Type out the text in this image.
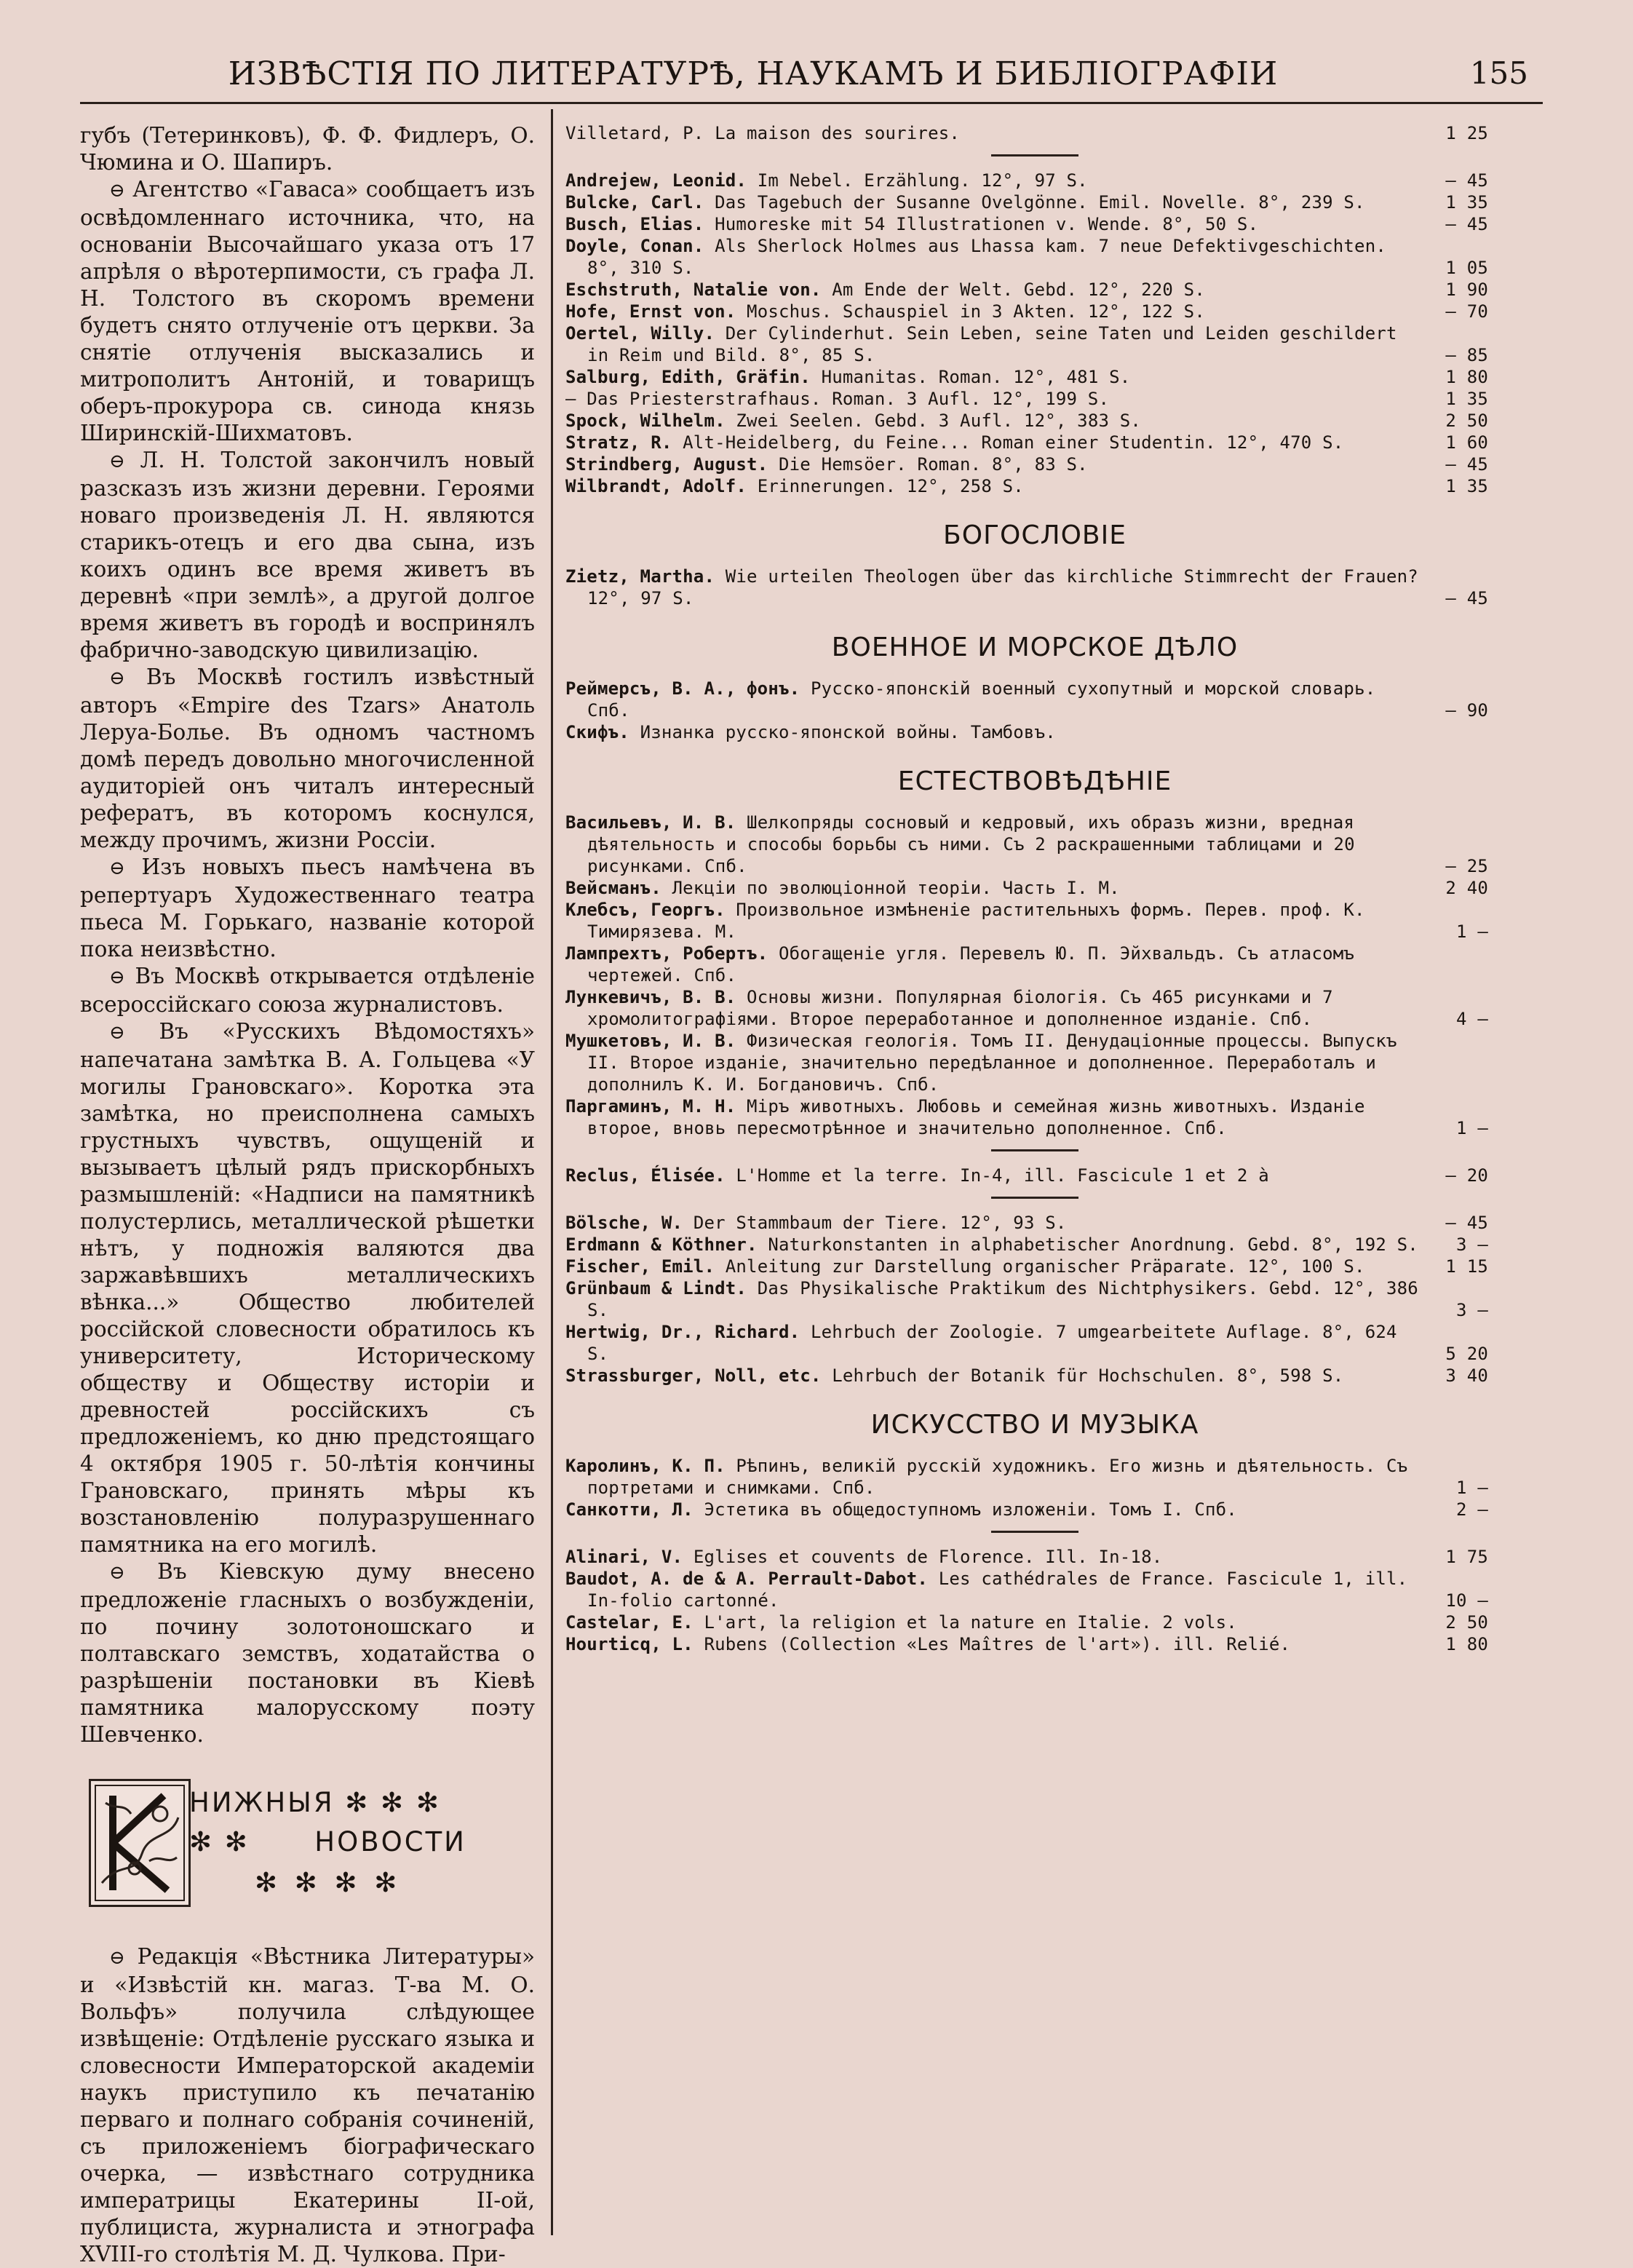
ИЗВѢСТІЯ ПО ЛИТЕРАТУРѢ, НАУКАМЪ И БИБЛІОГРАФІИ	155

губъ (Тетеринковъ), Ф. Ф. Фидлеръ, О. Чюмина и О. Шапиръ.

⊖ Агентство «Гаваса» сообщаетъ изъ освѣдомленнаго источника, что, на основаніи Высочайшаго указа отъ 17 апрѣля о вѣротерпимости, съ графа Л. Н. Толстого въ скоромъ времени будетъ снято отлученіе отъ церкви. За снятіе отлученія высказались и митрополитъ Антоній, и товарищъ оберъ-прокурора св. синода князь Ширинскій-Шихматовъ.

⊖ Л. Н. Толстой закончилъ новый разсказъ изъ жизни деревни. Героями новаго произведенія Л. Н. являются старикъ-отецъ и его два сына, изъ коихъ одинъ все время живетъ въ деревнѣ «при землѣ», а другой долгое время живетъ въ городѣ и воспринялъ фабрично-заводскую цивилизацію.

⊖ Въ Москвѣ гостилъ извѣстный авторъ «Empire des Tzars» Анатоль Леруа-Болье. Въ одномъ частномъ домѣ передъ довольно многочисленной аудиторіей онъ читалъ интересный рефератъ, въ которомъ коснулся, между прочимъ, жизни Россіи.

⊖ Изъ новыхъ пьесъ намѣчена въ репертуаръ Художественнаго театра пьеса М. Горькаго, названіе которой пока неизвѣстно.

⊖ Въ Москвѣ открывается отдѣленіе всероссійскаго союза журналистовъ.

⊖ Въ «Русскихъ Вѣдомостяхъ» напечатана замѣтка В. А. Гольцева «У могилы Грановскаго». Коротка эта замѣтка, но преисполнена самыхъ грустныхъ чувствъ, ощущеній и вызываетъ цѣлый рядъ прискорбныхъ размышленій: «Надписи на памятникѣ полустерлись, металлической рѣшетки нѣтъ, у подножія валяются два заржавѣвшихъ металлическихъ вѣнка...» Общество любителей россійской словесности обратилось къ университету, Историческому обществу и Обществу исторіи и древностей россійскихъ съ предложеніемъ, ко дню предстоящаго 4 октября 1905 г. 50-лѣтія кончины Грановскаго, принять мѣры къ возстановленію полуразрушеннаго памятника на его могилѣ.

⊖ Въ Кіевскую думу внесено предложеніе гласныхъ о возбужденіи, по почину золотоношскаго и полтавскаго земствъ, ходатайства о разрѣшеніи постановки въ Кіевѣ памятника малорусскому поэту Шевченко.

НИЖНЫЯ ✻ ✻ ✻
✻ ✻ НОВОСТИ
✻ ✻ ✻ ✻

⊖ Редакція «Вѣстника Литературы» и «Извѣстій кн. магаз. Т-ва М. О. Вольфъ» получила слѣдующее извѣщеніе: Отдѣленіе русскаго языка и словесности Императорской академіи наукъ приступило къ печатанію перваго и полнаго собранія сочиненій, съ приложеніемъ біографическаго очерка, — извѣстнаго сотрудника императрицы Екатерины II-ой, публициста, журналиста и этнографа XVIII-го столѣтія М. Д. Чулкова. При-

Villetard, P. La maison des sourires.	1 25
Andrejew, Leonid. Im Nebel. Erzählung. 12°, 97 S.	— 45
Bulcke, Carl. Das Tagebuch der Susanne Ovelgönne. Emil. Novelle. 8°, 239 S.	1 35
Busch, Elias. Humoreske mit 54 Illustrationen v. Wende. 8°, 50 S.	— 45
Doyle, Conan. Als Sherlock Holmes aus Lhassa kam. 7 neue Defektivgeschichten. 8°, 310 S.	1 05
Eschstruth, Natalie von. Am Ende der Welt. Gebd. 12°, 220 S.	1 90
Hofe, Ernst von. Moschus. Schauspiel in 3 Akten. 12°, 122 S.	— 70
Oertel, Willy. Der Cylinderhut. Sein Leben, seine Taten und Leiden geschildert in Reim und Bild. 8°, 85 S.	— 85
Salburg, Edith, Gräfin. Humanitas. Roman. 12°, 481 S.	1 80
— Das Priesterstrafhaus. Roman. 3 Aufl. 12°, 199 S.	1 35
Spock, Wilhelm. Zwei Seelen. Gebd. 3 Aufl. 12°, 383 S.	2 50
Stratz, R. Alt-Heidelberg, du Feine... Roman einer Studentin. 12°, 470 S.	1 60
Strindberg, August. Die Hemsöer. Roman. 8°, 83 S.	— 45
Wilbrandt, Adolf. Erinnerungen. 12°, 258 S.	1 35
БОГОСЛОВІЕ
Zietz, Martha. Wie urteilen Theologen über das kirchliche Stimmrecht der Frauen? 12°, 97 S.	— 45
ВОЕННОЕ И МОРСКОЕ ДѢЛО
Реймерсъ, В. А., фонъ. Русско-японскій военный сухопутный и морской словарь. Спб.	— 90
Скифъ. Изнанка русско-японской войны. Тамбовъ.
ЕСТЕСТВОВѢДѢНІЕ
Васильевъ, И. В. Шелкопряды сосновый и кедровый, ихъ образъ жизни, вредная дѣятельность и способы борьбы съ ними. Съ 2 раскрашенными таблицами и 20 рисунками. Спб.	— 25
Вейсманъ. Лекціи по эволюціонной теоріи. Часть I. М.	2 40
Клебсъ, Георгъ. Произвольное измѣненіе растительныхъ формъ. Перев. проф. К. Тимирязева. М.	1 —
Лампрехтъ, Робертъ. Обогащеніе угля. Перевелъ Ю. П. Эйхвальдъ. Съ атласомъ чертежей. Спб.
Лункевичъ, В. В. Основы жизни. Популярная біологія. Съ 465 рисунками и 7 хромолитографіями. Второе переработанное и дополненное изданіе. Спб.	4 —
Мушкетовъ, И. В. Физическая геологія. Томъ II. Денудаціонные процессы. Выпускъ II. Второе изданіе, значительно передѣланное и дополненное. Переработалъ и дополнилъ К. И. Богдановичъ. Спб.
Паргаминъ, М. Н. Міръ животныхъ. Любовь и семейная жизнь животныхъ. Изданіе второе, вновь пересмотрѣнное и значительно дополненное. Спб.	1 —
Reclus, Élisée. L'Homme et la terre. In-4, ill. Fascicule 1 et 2 à	— 20
Bölsche, W. Der Stammbaum der Tiere. 12°, 93 S.	— 45
Erdmann & Köthner. Naturkonstanten in alphabetischer Anordnung. Gebd. 8°, 192 S. 3 —
Fischer, Emil. Anleitung zur Darstellung organischer Präparate. 12°, 100 S.	1 15
Grünbaum & Lindt. Das Physikalische Praktikum des Nichtphysikers. Gebd. 12°, 386 S.	3 —
Hertwig, Dr., Richard. Lehrbuch der Zoologie. 7 umgearbeitete Auflage. 8°, 624 S.	5 20
Strassburger, Noll, etc. Lehrbuch der Botanik für Hochschulen. 8°, 598 S.	3 40
ИСКУССТВО И МУЗЫКА
Каролинъ, К. П. Рѣпинъ, великій русскій художникъ. Его жизнь и дѣятельность. Съ портретами и снимками. Спб.	1 —
Санкотти, Л. Эстетика въ общедоступномъ изложеніи. Томъ I. Спб.	2 —
Alinari, V. Eglises et couvents de Florence. Ill. In-18.	1 75
Baudot, A. de & A. Perrault-Dabot. Les cathédrales de France. Fascicule 1, ill. In-folio cartonné.	10 —
Castelar, E. L'art, la religion et la nature en Italie. 2 vols.	2 50
Hourticq, L. Rubens (Collection «Les Maîtres de l'art»). ill. Relié.	1 80
